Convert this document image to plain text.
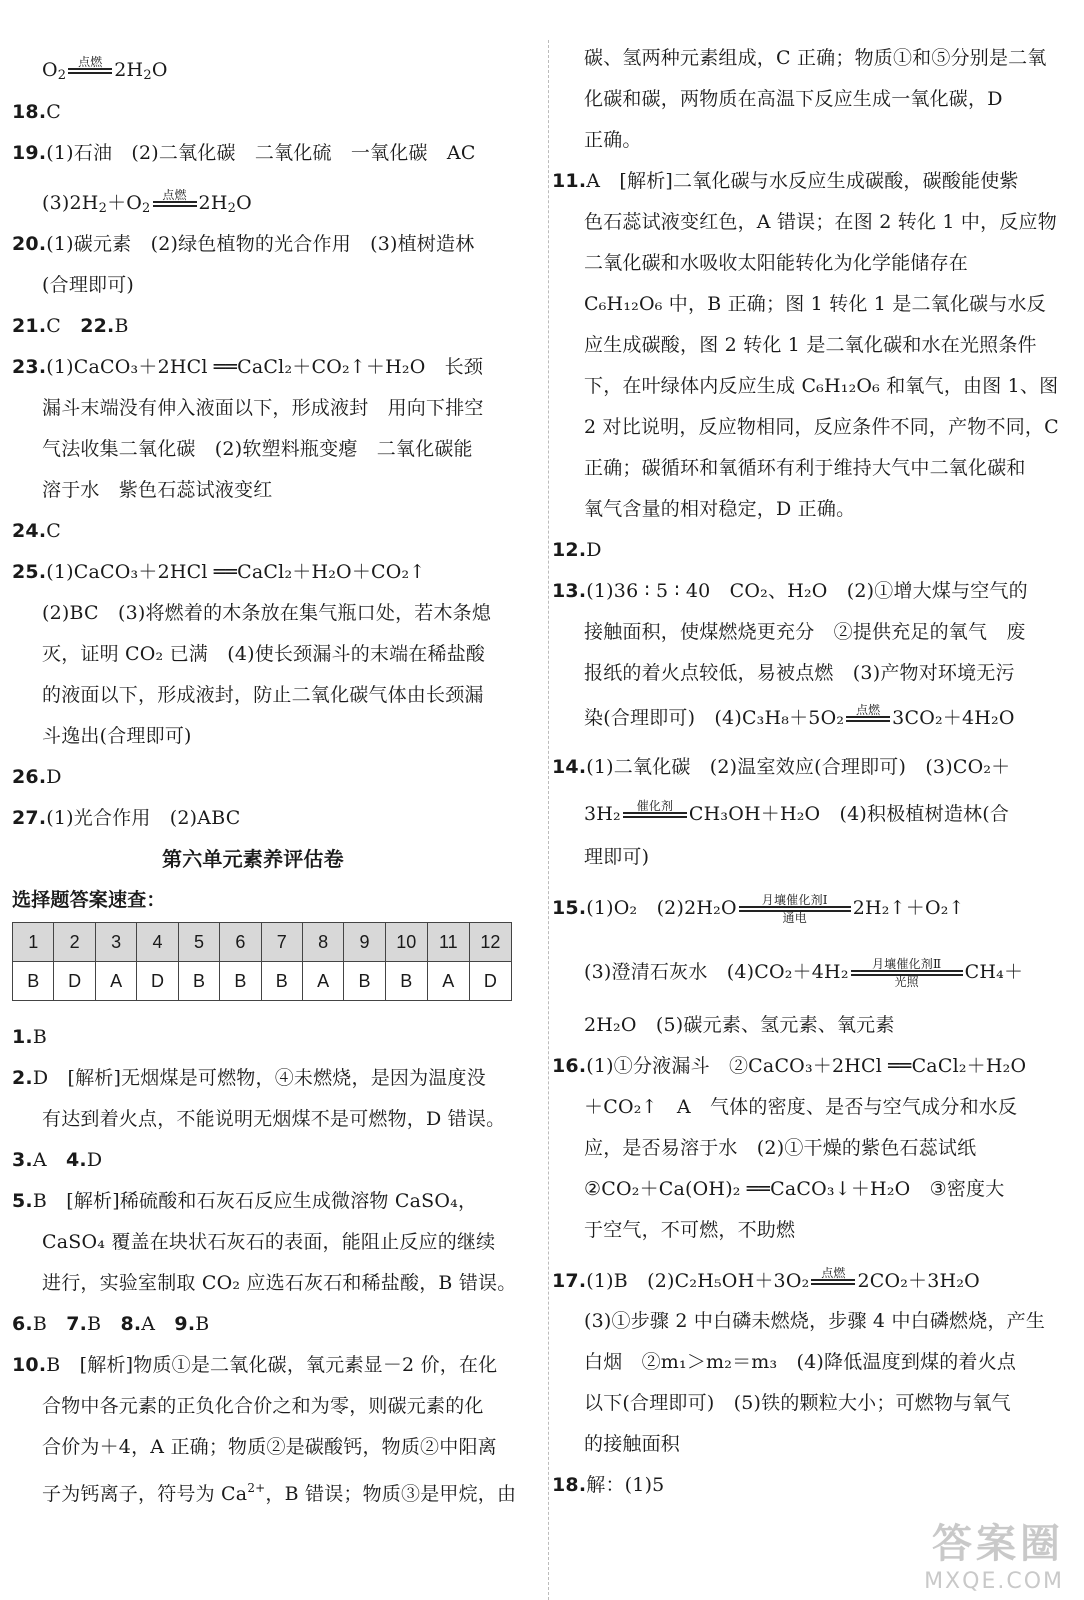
$O_2$
点燃
$2H_2O$
18.C
19.(1)石油　(2)二氧化碳　二氧化硫　一氧化碳　AC
$(3)2H_2+O_2$
点燃
$2H_2O$
20.(1)碳元素　(2)绿色植物的光合作用　(3)植树造林
(合理即可)
21.C　 22.B
23.(1)CaCO₃＋2HCl ══CaCl₂＋CO₂↑＋H₂O　长颈
漏斗末端没有伸入液面以下，形成液封　用向下排空
气法收集二氧化碳　(2)软塑料瓶变瘪　二氧化碳能
溶于水　紫色石蕊试液变红
24.C
25.(1)CaCO₃＋2HCl ══CaCl₂＋H₂O＋CO₂↑
(2)BC　(3)将燃着的木条放在集气瓶口处，若木条熄
灭，证明 CO₂ 已满　(4)使长颈漏斗的末端在稀盐酸
的液面以下，形成液封，防止二氧化碳气体由长颈漏
斗逸出(合理即可)
26.D
27.(1)光合作用　(2)ABC
第六单元素养评估卷
选择题答案速查：
1	2	3	4	5	6	7	8	9	10	11	12
B	D	A	D	B	B	B	A	B	B	A	D
1.B
2.D　[解析]无烟煤是可燃物，④未燃烧，是因为温度没
有达到着火点，不能说明无烟煤不是可燃物，D 错误。
3.A　 4.D
5.B　[解析]稀硫酸和石灰石反应生成微溶物 CaSO₄，
CaSO₄ 覆盖在块状石灰石的表面，能阻止反应的继续
进行，实验室制取 CO₂ 应选石灰石和稀盐酸，B 错误。
6.B　 7.B　 8.A　 9.B
10.B　[解析]物质①是二氧化碳，氧元素显－2 价，在化
合物中各元素的正负化合价之和为零，则碳元素的化
合价为＋4，A 正确；物质②是碳酸钙，物质②中阳离
子为钙离子，符号为 $Ca^{2+}$，B 错误；物质③是甲烷，由
碳、氢两种元素组成，C 正确；物质①和⑤分别是二氧
化碳和碳，两物质在高温下反应生成一氧化碳，D
正确。
11.A　[解析]二氧化碳与水反应生成碳酸，碳酸能使紫
色石蕊试液变红色，A 错误；在图 2 转化 1 中，反应物
二氧化碳和水吸收太阳能转化为化学能储存在
C₆H₁₂O₆ 中，B 正确；图 1 转化 1 是二氧化碳与水反
应生成碳酸，图 2 转化 1 是二氧化碳和水在光照条件
下，在叶绿体内反应生成 C₆H₁₂O₆ 和氧气，由图 1、图
2 对比说明，反应物相同，反应条件不同，产物不同，C
正确；碳循环和氧循环有利于维持大气中二氧化碳和
氧气含量的相对稳定，D 正确。
12.D
13.(1)36 ∶ 5 ∶ 40　CO₂、H₂O　(2)①增大煤与空气的
接触面积，使煤燃烧更充分　②提供充足的氧气　废
报纸的着火点较低，易被点燃　(3)产物对环境无污
染(合理即可)　(4)C₃H₈＋5O₂ 点燃
3CO₂＋4H₂O
14.(1)二氧化碳　(2)温室效应(合理即可)　(3)CO₂＋
3H₂	催化剂
CH₃OH＋H₂O　(4)积极植树造林(合
理即可)
15.(1)O₂　(2)2H₂O	月壤催化剂Ⅰ
通电	2H₂↑＋O₂↑
(3)澄清石灰水　(4)CO₂＋4H₂	月壤催化剂Ⅱ
光照	CH₄＋
2H₂O　(5)碳元素、氢元素、氧元素
16.(1)①分液漏斗　②CaCO₃＋2HCl ══CaCl₂＋H₂O
＋CO₂↑　A　气体的密度、是否与空气成分和水反
应，是否易溶于水　(2)①干燥的紫色石蕊试纸
②CO₂＋Ca(OH)₂ ══CaCO₃↓＋H₂O　③密度大
于空气，不可燃，不助燃
17.(1)B　(2)C₂H₅OH＋3O₂ 点燃
2CO₂＋3H₂O
(3)①步骤 2 中白磷未燃烧，步骤 4 中白磷燃烧，产生
白烟　②m₁＞m₂＝m₃　(4)降低温度到煤的着火点
以下(合理即可)　(5)铁的颗粒大小；可燃物与氧气
的接触面积
18.解：(1)5
答案圈
MXQE.COM
